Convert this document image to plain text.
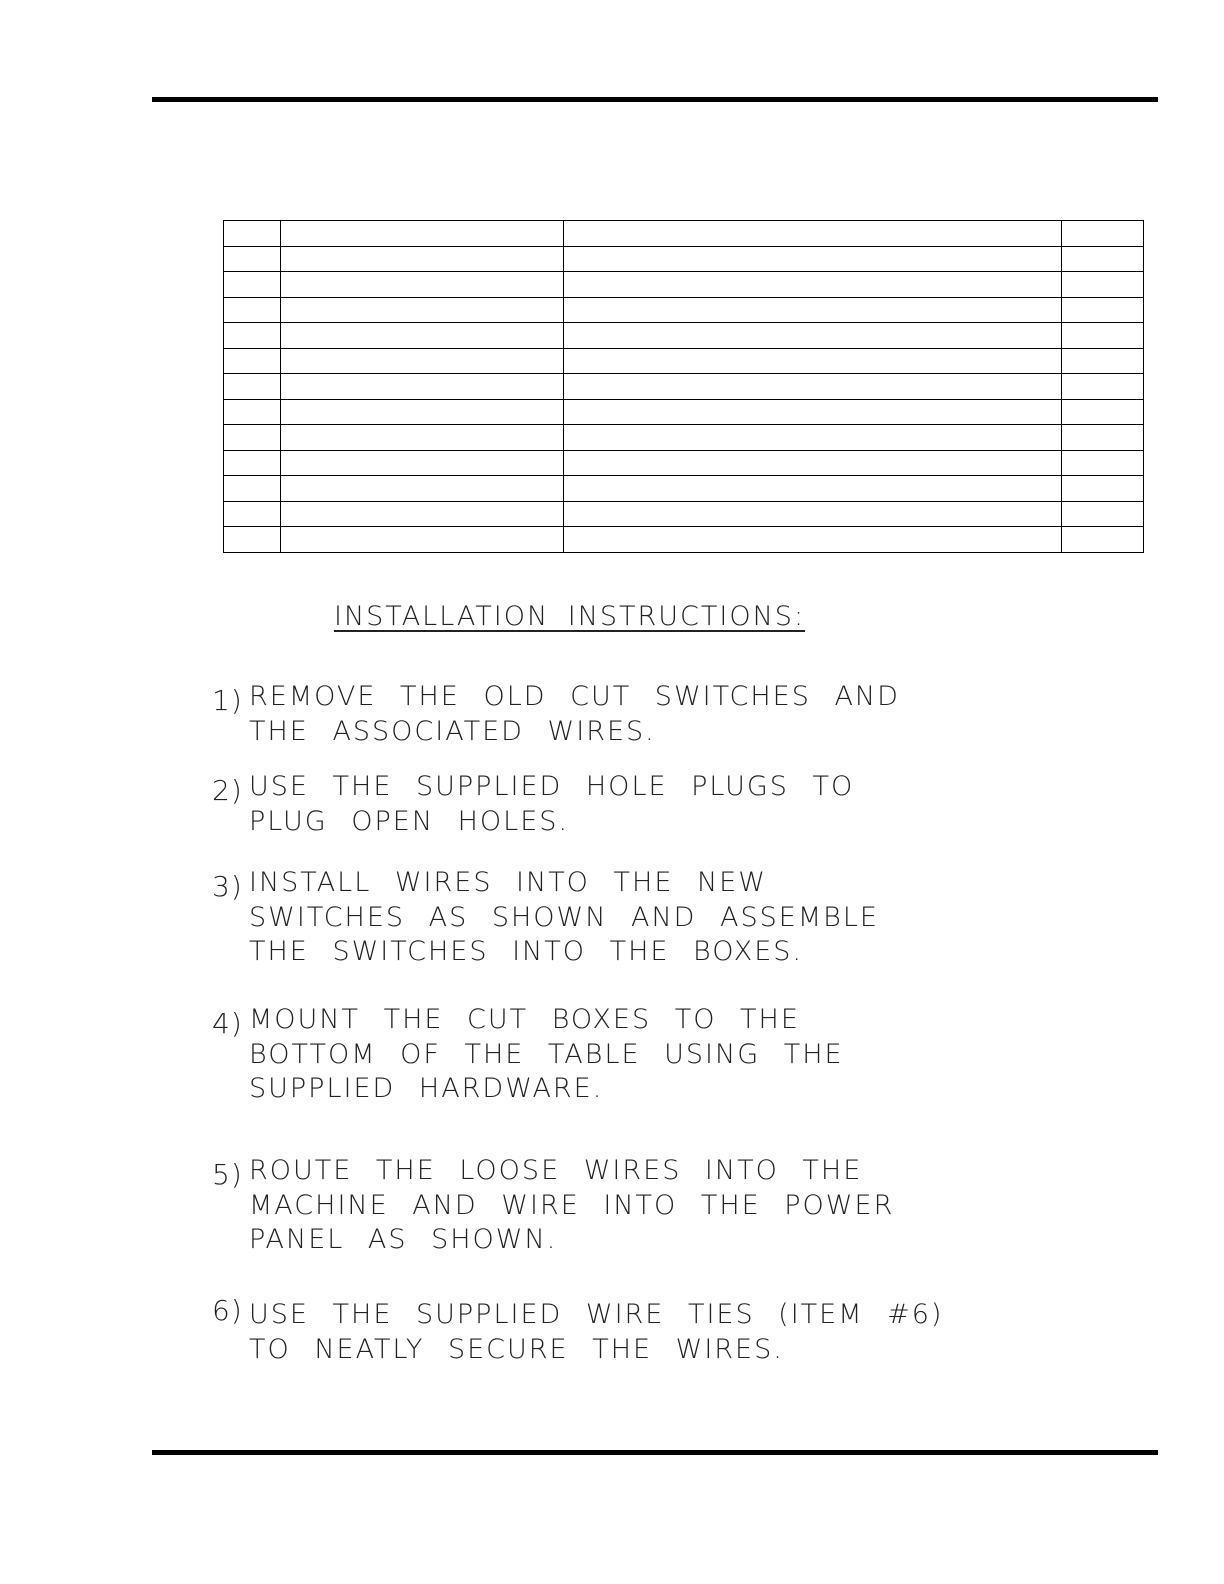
INSTALLATION INSTRUCTIONS:
1) REMOVE THE OLD CUT SWITCHES AND
THE ASSOCIATED WIRES.
2) USE THE SUPPLIED HOLE PLUGS TO
PLUG OPEN HOLES.
3) INSTALL WIRES INTO THE NEW
SWITCHES AS SHOWN AND ASSEMBLE
THE SWITCHES INTO THE BOXES.
4) MOUNT THE CUT BOXES TO THE
BOTTOM OF THE TABLE USING THE
SUPPLIED HARDWARE.
5) ROUTE THE LOOSE WIRES INTO THE
MACHINE AND WIRE INTO THE POWER
PANEL AS SHOWN.
6) USE THE SUPPLIED WIRE TIES (ITEM #6)
TO NEATLY SECURE THE WIRES.
